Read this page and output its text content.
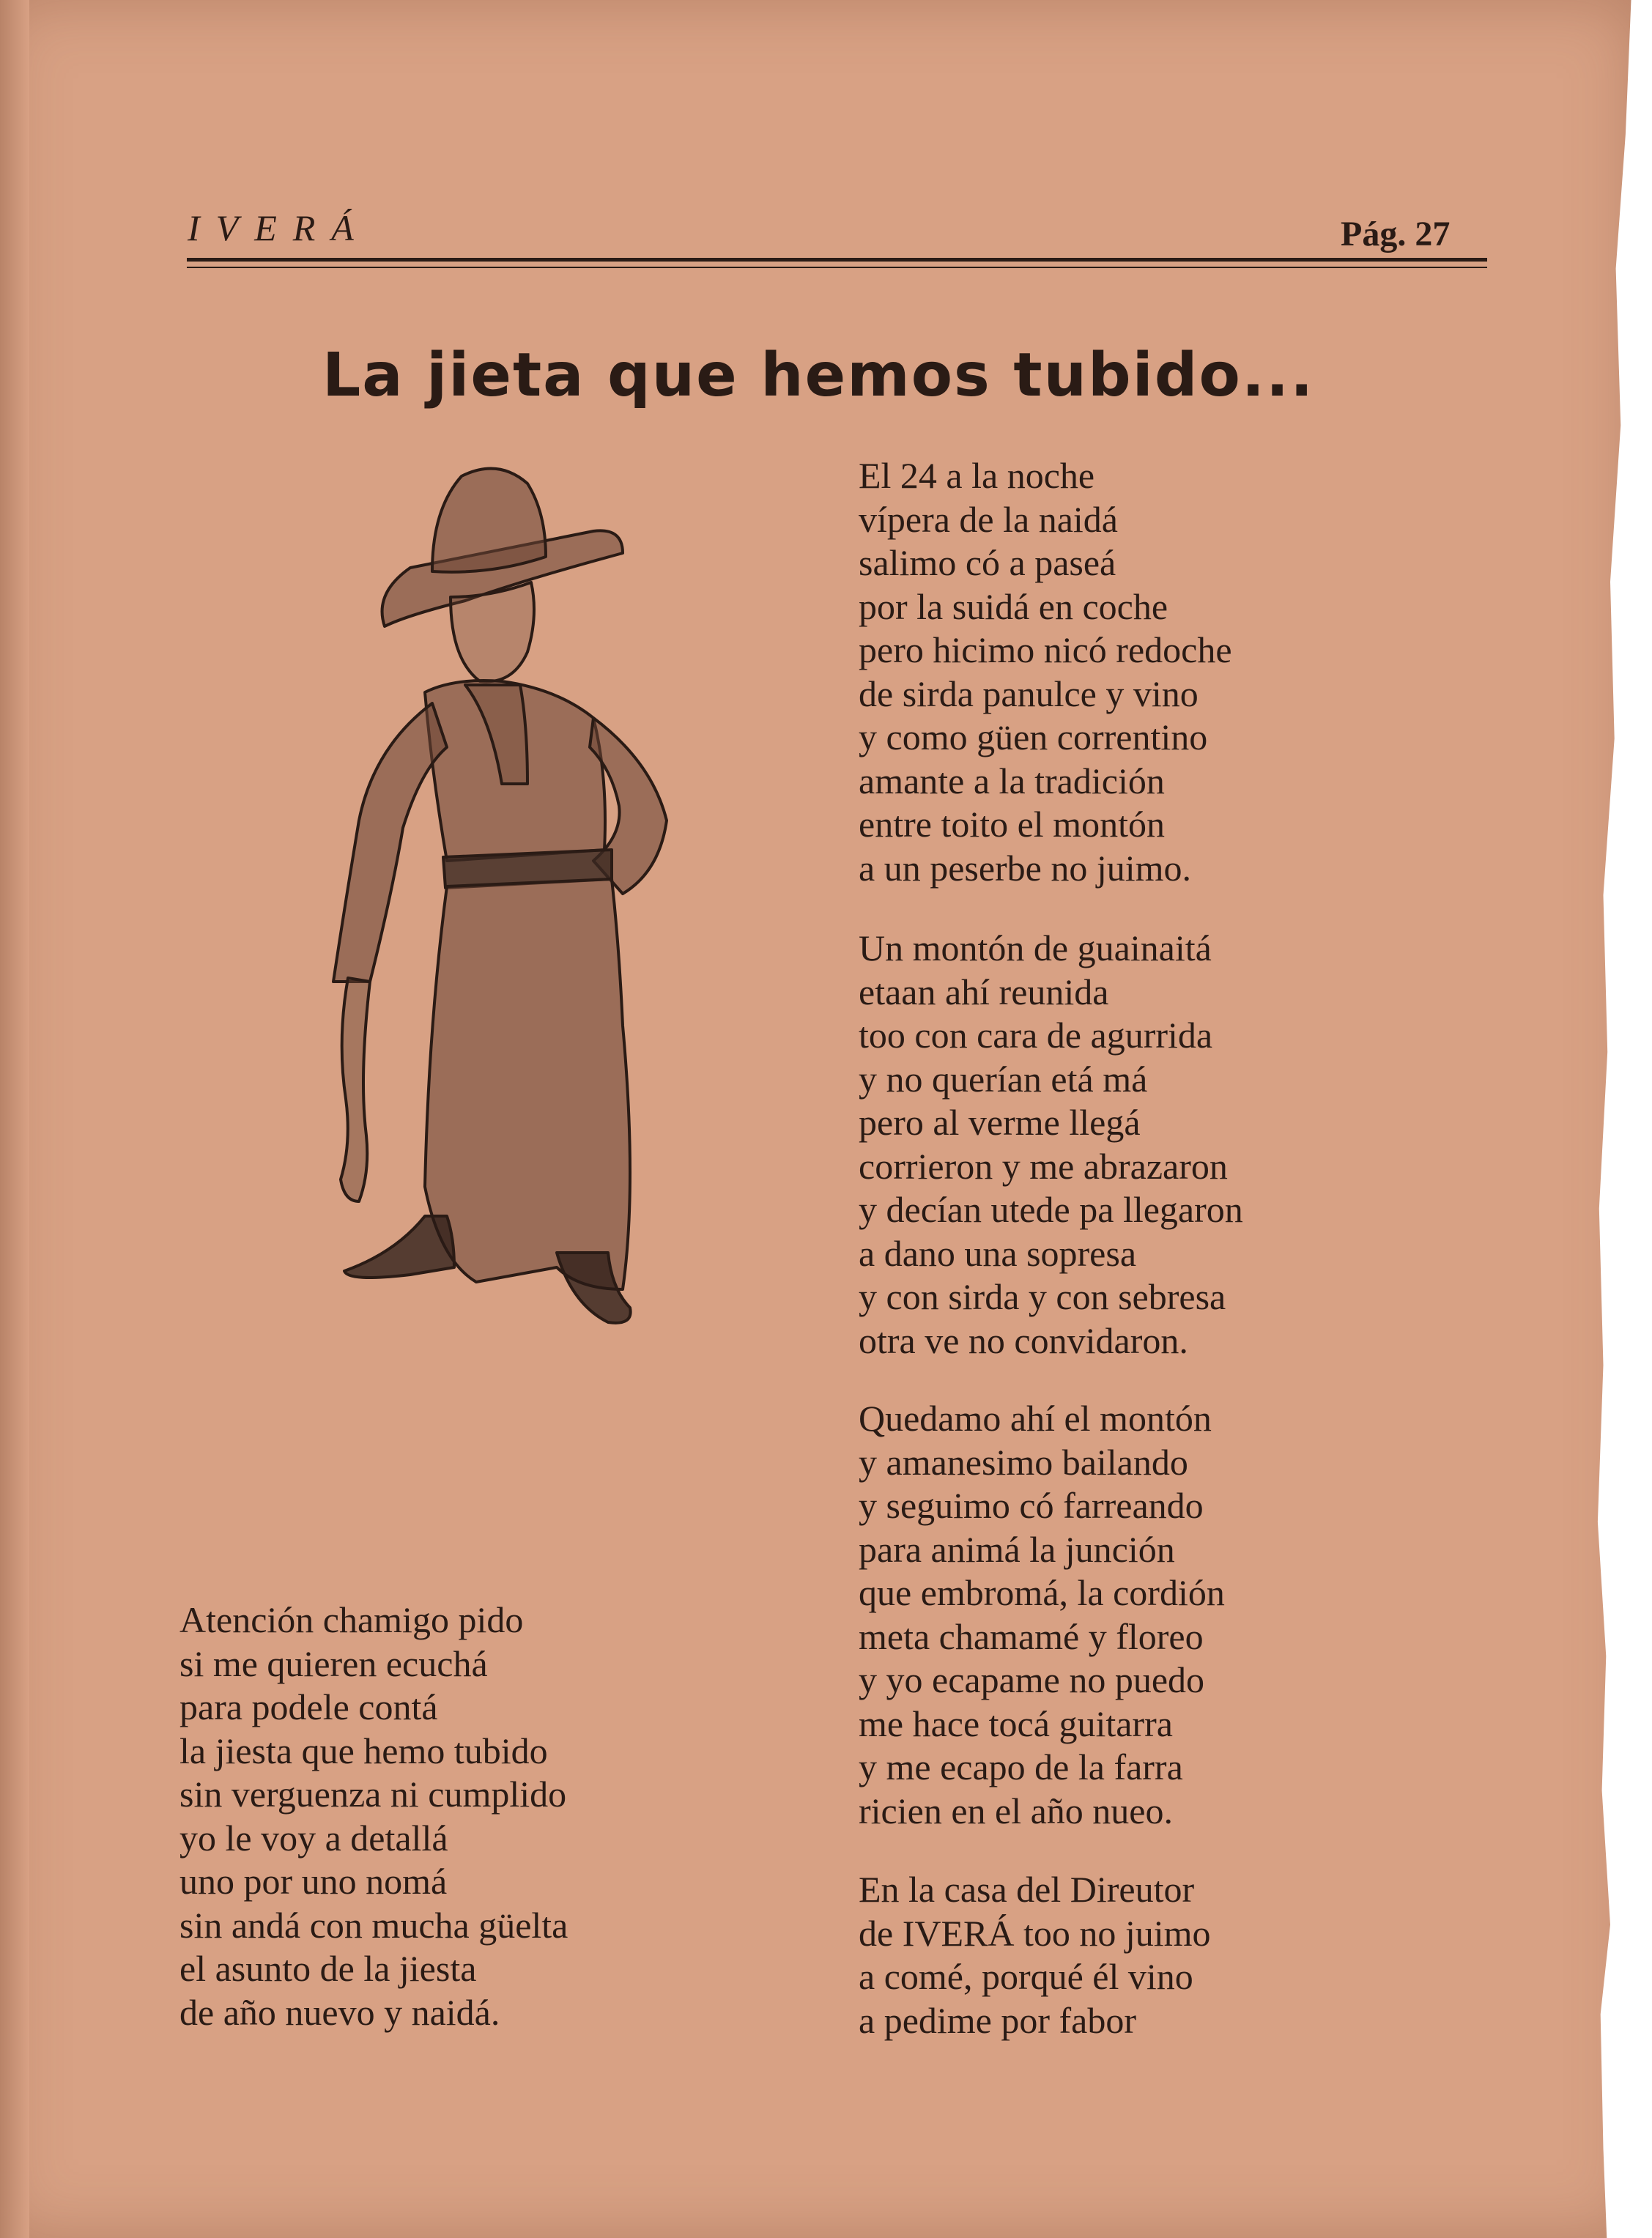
IVERÁ	Pág. 27
La jieta que hemos tubido...

Atención chamigo pido
si me quieren ecuchá
para podele contá
la jiesta que hemo tubido
sin verguenza ni cumplido
yo le voy a detallá
uno por uno nomá
sin andá con mucha güelta
el asunto de la jiesta
de año nuevo y naidá.

El 24 a la noche
vípera de la naidá
salimo có a paseá
por la suidá en coche
pero hicimo nicó redoche
de sirda panulce y vino
y como güen correntino
amante a la tradición
entre toito el montón
a un peserbe no juimo.

Un montón de guainaitá
etaan ahí reunida
too con cara de agurrida
y no querían etá má
pero al verme llegá
corrieron y me abrazaron
y decían utede pa llegaron
a dano una sopresa
y con sirda y con sebresa
otra ve no convidaron.

Quedamo ahí el montón
y amanesimo bailando
y seguimo có farreando
para animá la junción
que embromá, la cordión
meta chamamé y floreo
y yo ecapame no puedo
me hace tocá guitarra
y me ecapo de la farra
ricien en el año nueo.

En la casa del Direutor
de IVERÁ too no juimo
a comé, porqué él vino
a pedime por fabor
